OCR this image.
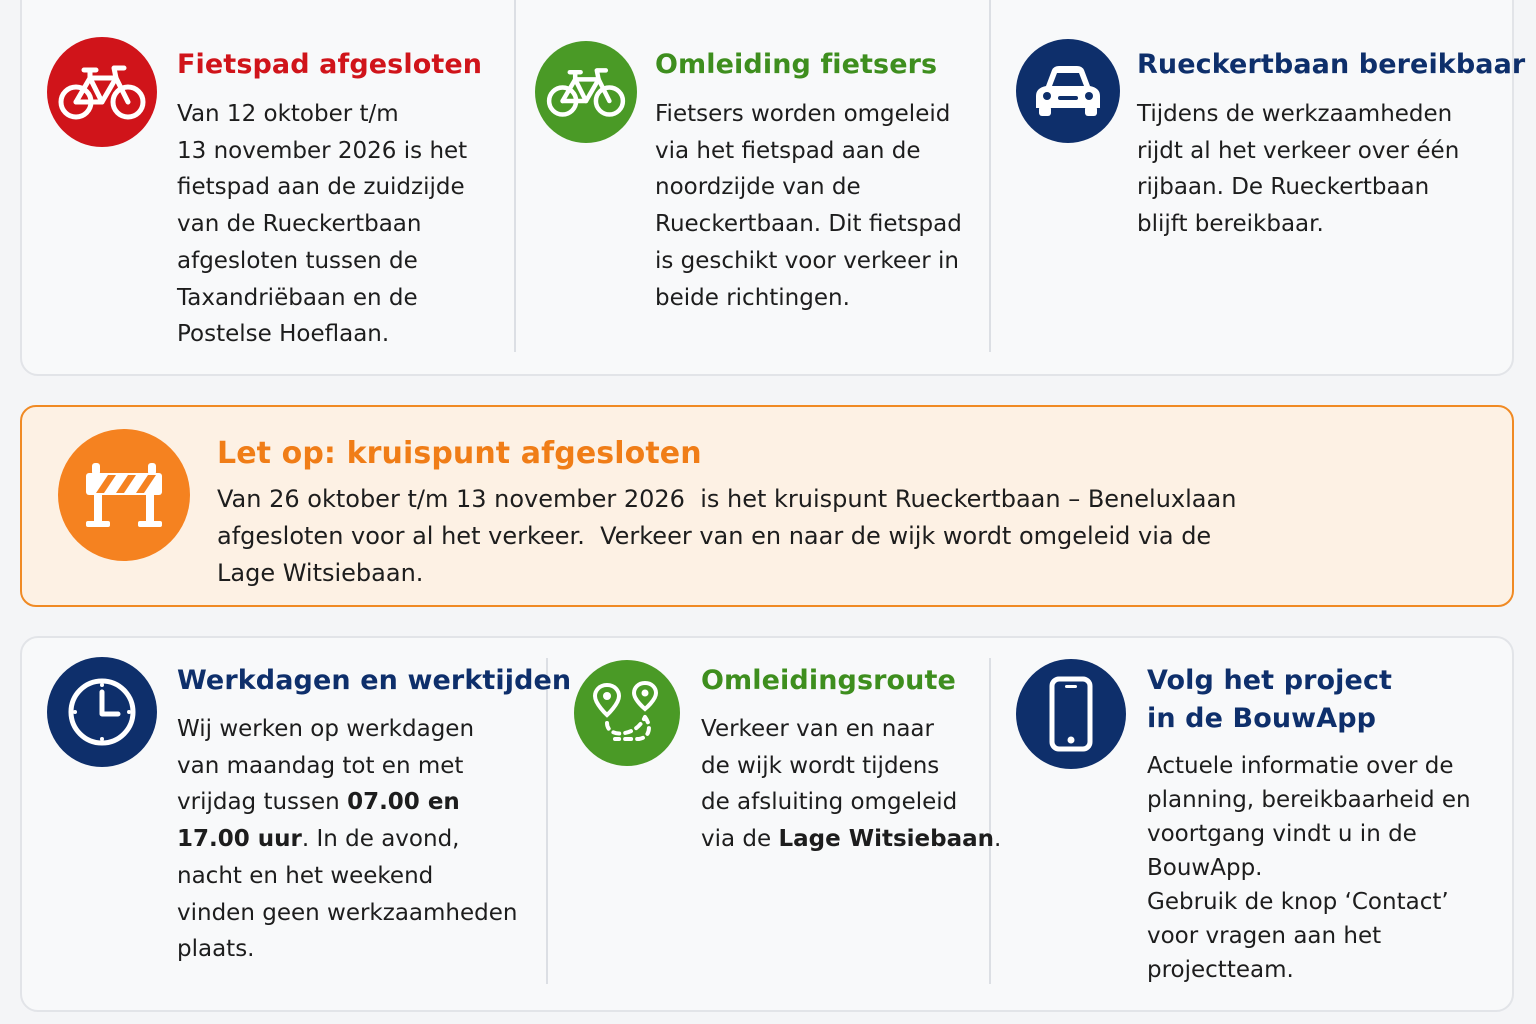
Fietspad afgesloten
Van 12 oktober t/m
13 november 2026 is het
fietspad aan de zuidzijde
van de Rueckertbaan
afgesloten tussen de
Taxandriëbaan en de
Postelse Hoeflaan.
Omleiding fietsers
Fietsers worden omgeleid
via het fietspad aan de
noordzijde van de
Rueckertbaan. Dit fietspad
is geschikt voor verkeer in
beide richtingen.
Rueckertbaan bereikbaar
Tijdens de werkzaamheden
rijdt al het verkeer over één
rijbaan. De Rueckertbaan
blijft bereikbaar.
Let op: kruispunt afgesloten
Van 26 oktober t/m 13 november 2026  is het kruispunt Rueckertbaan – Beneluxlaan
afgesloten voor al het verkeer.  Verkeer van en naar de wijk wordt omgeleid via de
Lage Witsiebaan.
Werkdagen en werktijden
Wij werken op werkdagen
van maandag tot en met
vrijdag tussen 07.00 en
17.00 uur. In de avond,
nacht en het weekend
vinden geen werkzaamheden
plaats.
Omleidingsroute
Verkeer van en naar
de wijk wordt tijdens
de afsluiting omgeleid
via de Lage Witsiebaan.
Volg het project
in de BouwApp
Actuele informatie over de
planning, bereikbaarheid en
voortgang vindt u in de
BouwApp.
Gebruik de knop ‘Contact’
voor vragen aan het
projectteam.
